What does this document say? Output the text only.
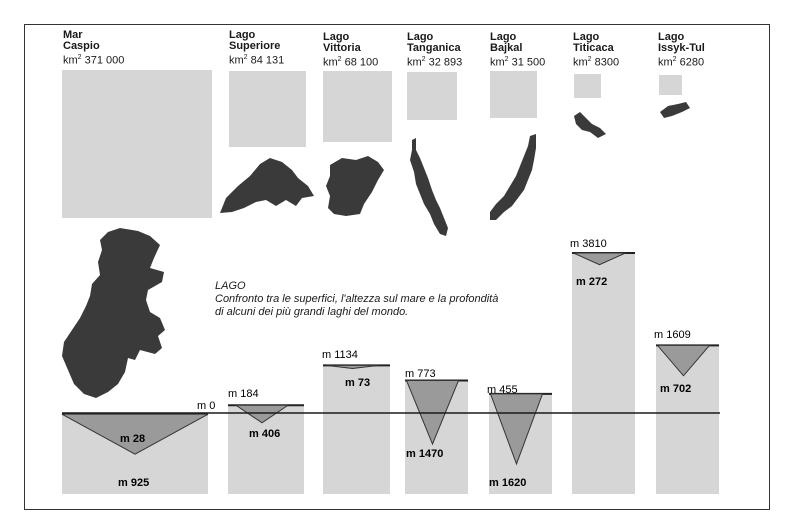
Mar
Caspio
$km^2$ 371 000
Lago
Superiore
$km^2$ 84 131
Lago
Vittoria
$km^2$ 68 100
Lago
Tanganica
$km^2$ 32 893
Lago
Bajkal
$km^2$ 31 500
Lago
Titicaca
$km^2$ 8300
Lago
Issyk-Tul
$km^2$ 6280
LAGO
Confronto tra le superfici, l'altezza sul mare e la profondità
di alcuni dei più grandi laghi del mondo.
m 0
m 28
m 925
m 184
m 406
m 1134
m 73
m 773
m 1470
m 455
m 1620
m 3810
m 272
m 1609
m 702
